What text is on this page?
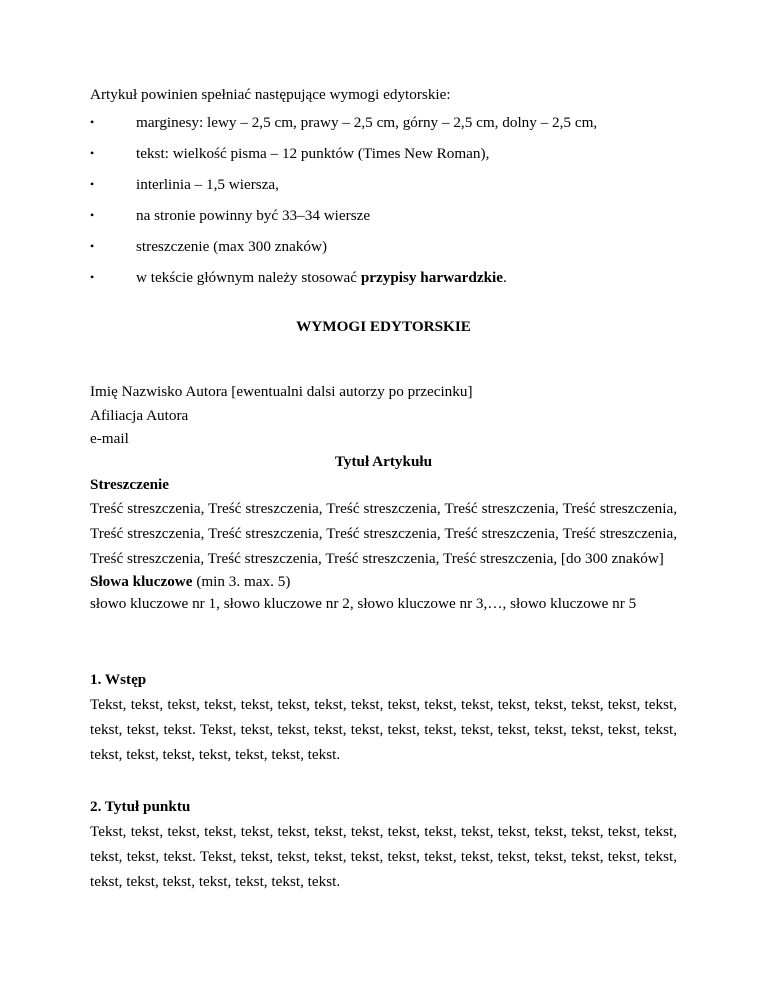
Artykuł powinien spełniać następujące wymogi edytorskie:

•	marginesy: lewy – 2,5 cm, prawy – 2,5 cm, górny – 2,5 cm, dolny – 2,5 cm,
•	tekst: wielkość pisma – 12 punktów (Times New Roman),
•	interlinia – 1,5 wiersza,
•	na stronie powinny być 33–34 wiersze
•	streszczenie (max 300 znaków)
•	w tekście głównym należy stosować przypisy harwardzkie.

WYMOGI EDYTORSKIE

Imię Nazwisko Autora [ewentualni dalsi autorzy po przecinku]

Afiliacja Autora

e-mail

Tytuł Artykułu

Streszczenie

Treść streszczenia, Treść streszczenia, Treść streszczenia, Treść streszczenia, Treść streszczenia, Treść streszczenia, Treść streszczenia, Treść streszczenia, Treść streszczenia, Treść streszczenia, Treść streszczenia, Treść streszczenia, Treść streszczenia, Treść streszczenia, [do 300 znaków]

Słowa kluczowe (min 3. max. 5)

słowo kluczowe nr 1, słowo kluczowe nr 2, słowo kluczowe nr 3,…, słowo kluczowe nr 5

1. Wstęp

Tekst, tekst, tekst, tekst, tekst, tekst, tekst, tekst, tekst, tekst, tekst, tekst, tekst, tekst, tekst, tekst, tekst, tekst, tekst. Tekst, tekst, tekst, tekst, tekst, tekst, tekst, tekst, tekst, tekst, tekst, tekst, tekst, tekst, tekst, tekst, tekst, tekst, tekst, tekst.

2. Tytuł punktu

Tekst, tekst, tekst, tekst, tekst, tekst, tekst, tekst, tekst, tekst, tekst, tekst, tekst, tekst, tekst, tekst, tekst, tekst, tekst. Tekst, tekst, tekst, tekst, tekst, tekst, tekst, tekst, tekst, tekst, tekst, tekst, tekst, tekst, tekst, tekst, tekst, tekst, tekst, tekst.
